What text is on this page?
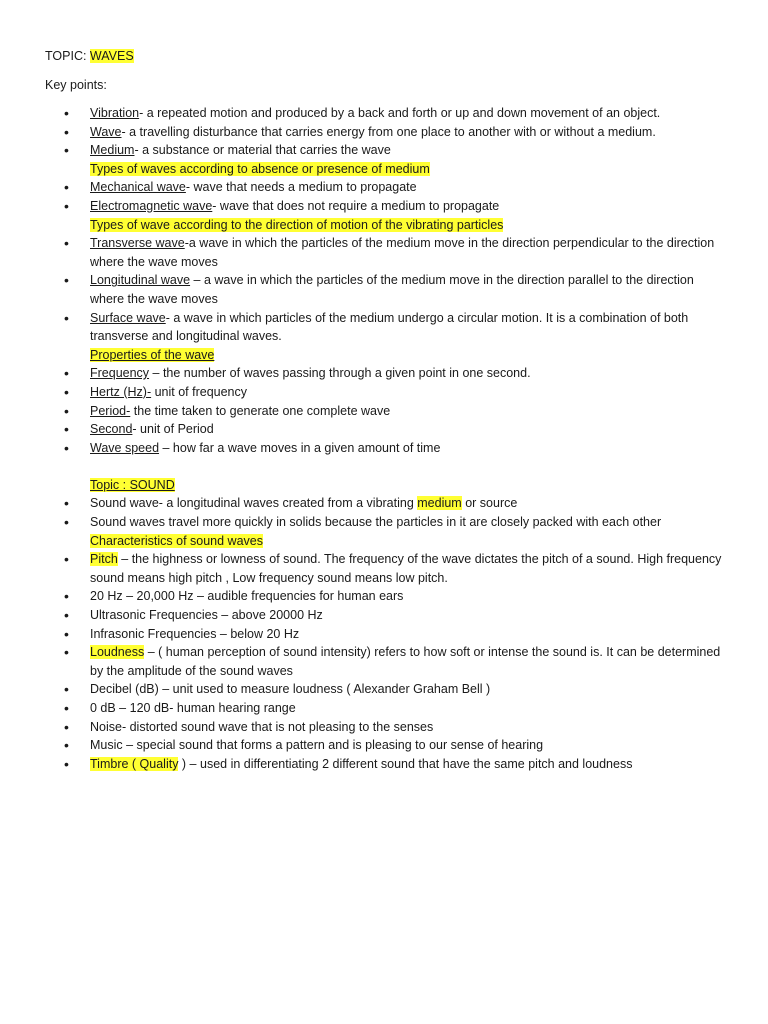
TOPIC: WAVES
Key points:
• Vibration- a repeated motion and produced by a back and forth or up and down movement of an object.
• Wave- a travelling disturbance that carries energy from one place to another with or without a medium.
• Medium- a substance or material that carries the wave
Types of waves according to absence or presence of medium
• Mechanical wave- wave that needs a medium to propagate
• Electromagnetic wave- wave that does not require a medium to propagate
Types of wave according to the direction of motion of the vibrating particles
• Transverse wave-a wave in which the particles of the medium move in the direction perpendicular to the direction where the wave moves
• Longitudinal wave – a wave in which the particles of the medium move in the direction parallel to the direction where the wave moves
• Surface wave- a wave in which particles of the medium undergo a circular motion. It is a combination of both transverse and longitudinal waves.
Properties of the wave
• Frequency – the number of waves passing through a given point in one second.
• Hertz (Hz)- unit of frequency
• Period- the time taken to generate one complete wave
• Second- unit of Period
• Wave speed – how far a wave moves in a given amount of time
Topic : SOUND
• Sound wave- a longitudinal waves created from a vibrating medium or source
• Sound waves travel more quickly in solids because the particles in it are closely packed with each other
Characteristics of sound waves
• Pitch – the highness or lowness of sound. The frequency of the wave dictates the pitch of a sound. High frequency sound means high pitch , Low frequency sound means low pitch.
• 20 Hz – 20,000 Hz – audible frequencies for human ears
• Ultrasonic Frequencies – above 20000 Hz
• Infrasonic Frequencies – below 20 Hz
• Loudness – ( human perception of sound intensity) refers to how soft or intense the sound is. It can be determined by the amplitude of the sound waves
• Decibel (dB) – unit used to measure loudness ( Alexander Graham Bell )
• 0 dB – 120 dB- human hearing range
• Noise- distorted sound wave that is not pleasing to the senses
• Music – special sound that forms a pattern and is pleasing to our sense of hearing
• Timbre ( Quality ) – used in differentiating 2 different sound that have the same pitch and loudness
